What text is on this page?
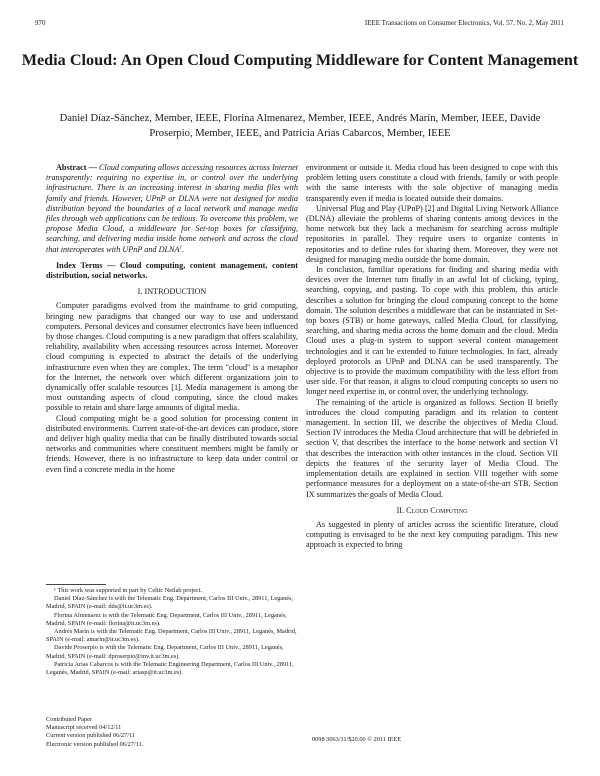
970	IEEE Transactions on Consumer Electronics, Vol. 57, No. 2, May 2011
Media Cloud: An Open Cloud Computing Middleware for Content Management
Daniel Díaz-Sánchez, Member, IEEE, Florina Almenarez, Member, IEEE, Andrés Marín, Member, IEEE, Davide Proserpio, Member, IEEE, and Patricia Arias Cabarcos, Member, IEEE

Abstract — Cloud computing allows accessing resources across Internet transparently: requiring no expertise in, or control over the underlying infrastructure. There is an increasing interest in sharing media files with family and friends. However, UPnP or DLNA were not designed for media distribution beyond the boundaries of a local network and manage media files through web applications can be tedious. To overcome this problem, we propose Media Cloud, a middleware for Set-top boxes for classifying, searching, and delivering media inside home network and across the cloud that interoperates with UPnP and DLNA$^1$.

Index Terms — Cloud computing, content management, content distribution, social networks.

I. INTRODUCTION

Computer paradigms evolved from the mainframe to grid computing, bringing new paradigms that changed our way to use and understand computers. Personal devices and consumer electronics have been influenced by those changes. Cloud computing is a new paradigm that offers scalability, reliability, availability when accessing resources across Internet. Moreover cloud computing is expected to abstract the details of the underlying infrastructure even when they are complex. The term "cloud" is a metaphor for the Internet, the network over which different organizations join to dynamically offer scalable resources [1]. Media management is among the most outstanding aspects of cloud computing, since the cloud makes possible to retain and share large amounts of digital media.

Cloud computing might be a good solution for processing content in distributed environments. Current state-of-the-art devices can produce, store and deliver high quality media that can be finally distributed towards social networks and communities where constituent members might be family or friends. However, there is no infrastructure to keep data under control or even find a concrete media in the home

environment or outside it. Media cloud has been designed to cope with this problem letting users constitute a cloud with friends, family or with people with the same interests with the sole objective of managing media transparently even if media is located outside their domains.

Universal Plug and Play (UPnP) [2] and Digital Living Network Alliance (DLNA) alleviate the problems of sharing contents among devices in the home network but they lack a mechanism for searching across multiple repositories in parallel. They require users to organize contents in repositories and to define rules for sharing them. Moreover, they were not designed for managing media outside the home domain.

In conclusion, familiar operations for finding and sharing media with devices over the Internet turn finally in an awful lot of clicking, typing, searching, copying, and pasting. To cope with this problem, this article describes a solution for bringing the cloud computing concept to the home domain. The solution describes a middleware that can be instantiated in Set-top boxes (STB) or home gateways, called Media Cloud, for classifying, searching, and sharing media across the home domain and the cloud. Media Cloud uses a plug-in system to support several content management technologies and it can be extended to future technologies. In fact, already deployed protocols as UPnP and DLNA can be used transparently. The objective is to provide the maximum compatibility with the less effort from user side. For that reason, it aligns to cloud computing concepts so users no longer need expertise in, or control over, the underlying technology.

The remaining of the article is organized as follows. Section II briefly introduces the cloud computing paradigm and its relation to content management. In section III, we describe the objectives of Media Cloud. Section IV introduces the Media Cloud architecture that will be debriefed in section V, that describes the interface to the home network and section VI that describes the interaction with other instances in the cloud. Section VII depicts the features of the security layer of Media Cloud. The implementation details are explained in section VIII together with some performance measures for a deployment on a state-of-the-art STB. Section IX summarizes the goals of Media Cloud.

II. Cloud Computing

As suggested in plenty of articles across the scientific literature, cloud computing is envisaged to be the next key computing paradigm. This new approach is expected to bring

¹ This work was supported in part by Celtic Netlab project.

Daniel Díaz-Sánchez is with the Telematic Eng. Department, Carlos III Univ., 28911, Leganés, Madrid, SPAIN (e-mail: dds@it.uc3m.es).

Florina Almenarez is with the Telematic Eng. Department, Carlos III Univ., 28911, Leganés, Madrid, SPAIN (e-mail: florina@it.uc3m.es).

Andrés Marín is with the Telematic Eng. Department, Carlos III Univ., 28911, Leganés, Madrid, SPAIN (e-mail: amarin@it.uc3m.es).

Davide Proserpio is with the Telematic Eng. Department, Carlos III Univ., 28911, Leganés, Madrid, SPAIN (e-mail: dproserpio@inv.it.uc3m.es).

Patricia Arias Cabarcos is with the Telematic Engineering Department, Carlos III Univ., 28911, Leganés, Madrid, SPAIN (e-mail: ariasp@it.uc3m.es).

Contributed Paper
Manuscript received 04/12/11
Current version published 06/27/11
Electronic version published 06/27/11.
0098 3063/11/$20.00 © 2011 IEEE
